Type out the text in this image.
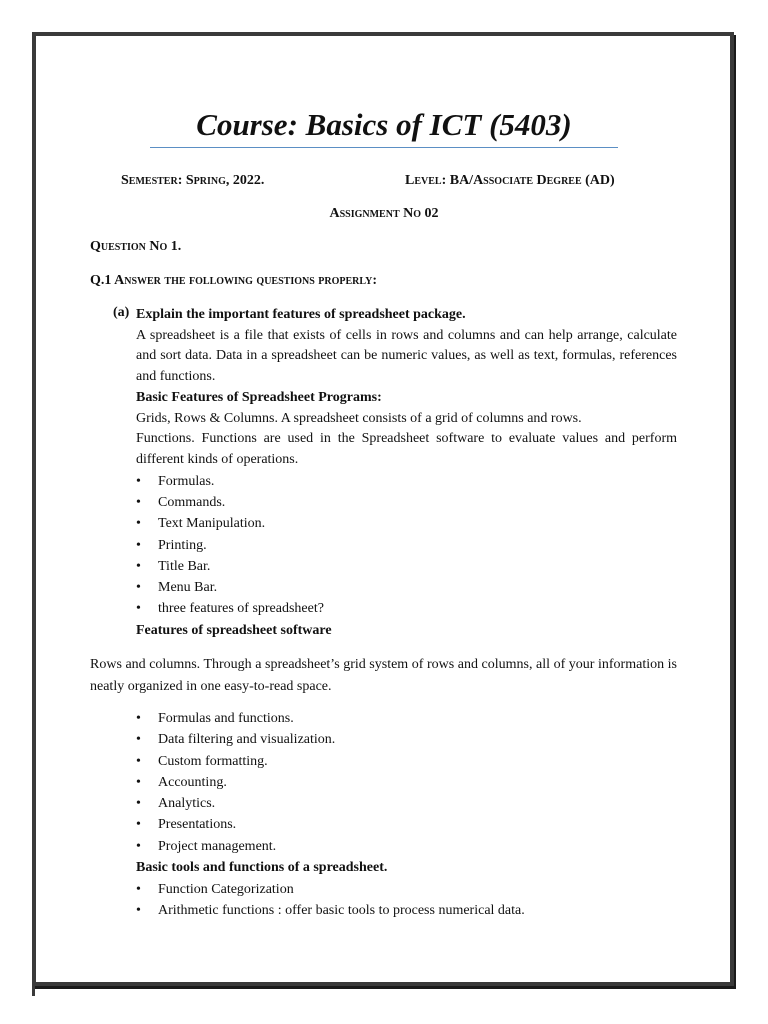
Course: Basics of ICT (5403)
Semester: Spring, 2022.	Level: BA/Associate Degree (AD)
Assignment No 02
Question No 1.
Q.1 Answer the following questions properly:
(a) Explain the important features of spreadsheet package.
A spreadsheet is a file that exists of cells in rows and columns and can help arrange, calculate and sort data. Data in a spreadsheet can be numeric values, as well as text, formulas, references and functions.
Basic Features of Spreadsheet Programs:
Grids, Rows & Columns. A spreadsheet consists of a grid of columns and rows.
Functions. Functions are used in the Spreadsheet software to evaluate values and perform different kinds of operations.
• Formulas.
• Commands.
• Text Manipulation.
• Printing.
• Title Bar.
• Menu Bar.
• three features of spreadsheet?
Features of spreadsheet software
Rows and columns. Through a spreadsheet’s grid system of rows and columns, all of your information is neatly organized in one easy-to-read space.
• Formulas and functions.
• Data filtering and visualization.
• Custom formatting.
• Accounting.
• Analytics.
• Presentations.
• Project management.
Basic tools and functions of a spreadsheet.
• Function Categorization
• Arithmetic functions : offer basic tools to process numerical data.
